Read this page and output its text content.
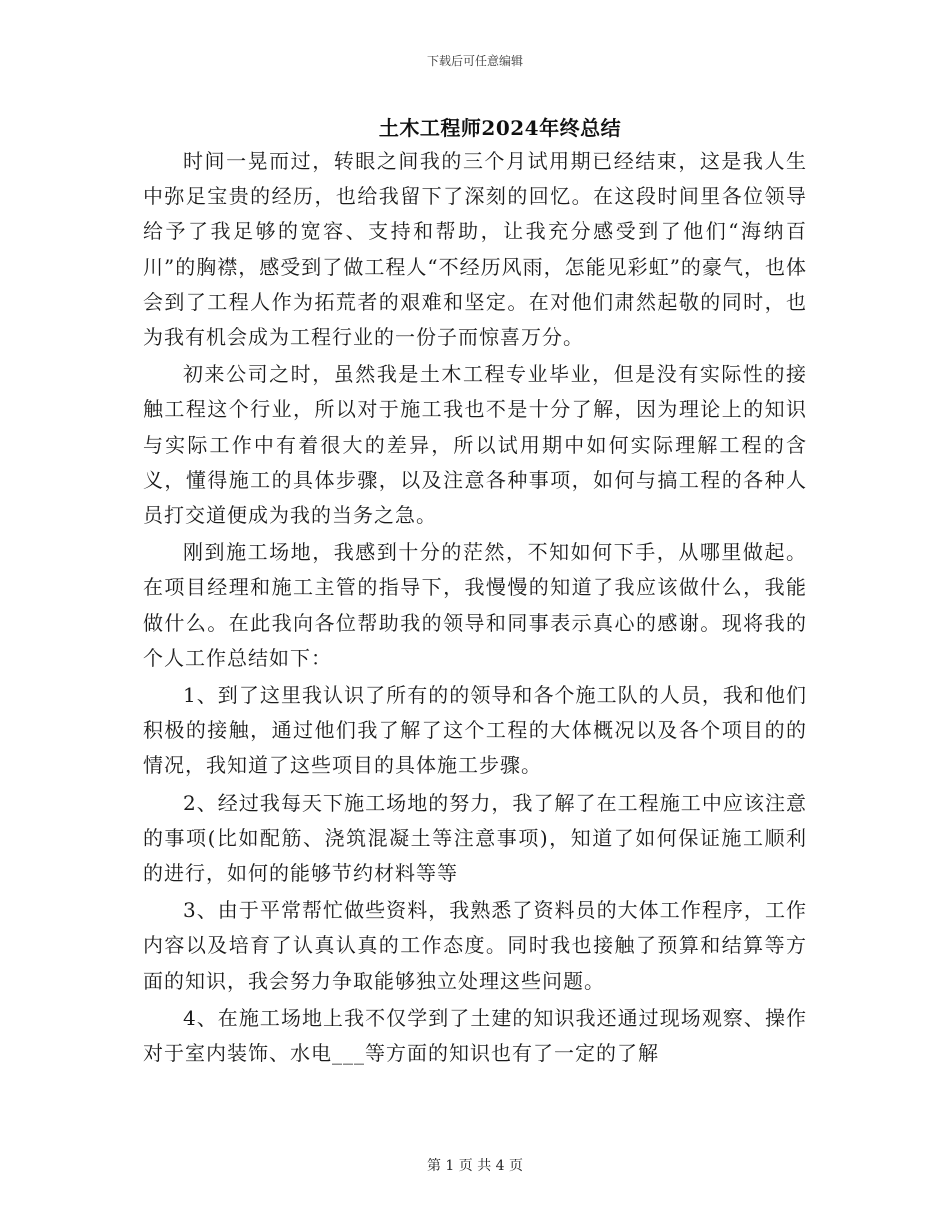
下载后可任意编辑
土木工程师2024年终总结

时间一晃而过，转眼之间我的三个月试用期已经结束，这是我人生中弥足宝贵的经历，也给我留下了深刻的回忆。在这段时间里各位领导给予了我足够的宽容、支持和帮助，让我充分感受到了他们“海纳百川”的胸襟，感受到了做工程人“不经历风雨，怎能见彩虹”的豪气，也体会到了工程人作为拓荒者的艰难和坚定。在对他们肃然起敬的同时，也为我有机会成为工程行业的一份子而惊喜万分。

初来公司之时，虽然我是土木工程专业毕业，但是没有实际性的接触工程这个行业，所以对于施工我也不是十分了解，因为理论上的知识与实际工作中有着很大的差异，所以试用期中如何实际理解工程的含义，懂得施工的具体步骤，以及注意各种事项，如何与搞工程的各种人员打交道便成为我的当务之急。

刚到施工场地，我感到十分的茫然，不知如何下手，从哪里做起。在项目经理和施工主管的指导下，我慢慢的知道了我应该做什么，我能做什么。在此我向各位帮助我的领导和同事表示真心的感谢。现将我的个人工作总结如下：

1、到了这里我认识了所有的的领导和各个施工队的人员，我和他们积极的接触，通过他们我了解了这个工程的大体概况以及各个项目的的情况，我知道了这些项目的具体施工步骤。

2、经过我每天下施工场地的努力，我了解了在工程施工中应该注意的事项(比如配筋、浇筑混凝土等注意事项)，知道了如何保证施工顺利的进行，如何的能够节约材料等等

3、由于平常帮忙做些资料，我熟悉了资料员的大体工作程序，工作内容以及培育了认真认真的工作态度。同时我也接触了预算和结算等方面的知识，我会努力争取能够独立处理这些问题。

4、在施工场地上我不仅学到了土建的知识我还通过现场观察、操作对于室内装饰、水电___等方面的知识也有了一定的了解

第 1 页 共 4 页
